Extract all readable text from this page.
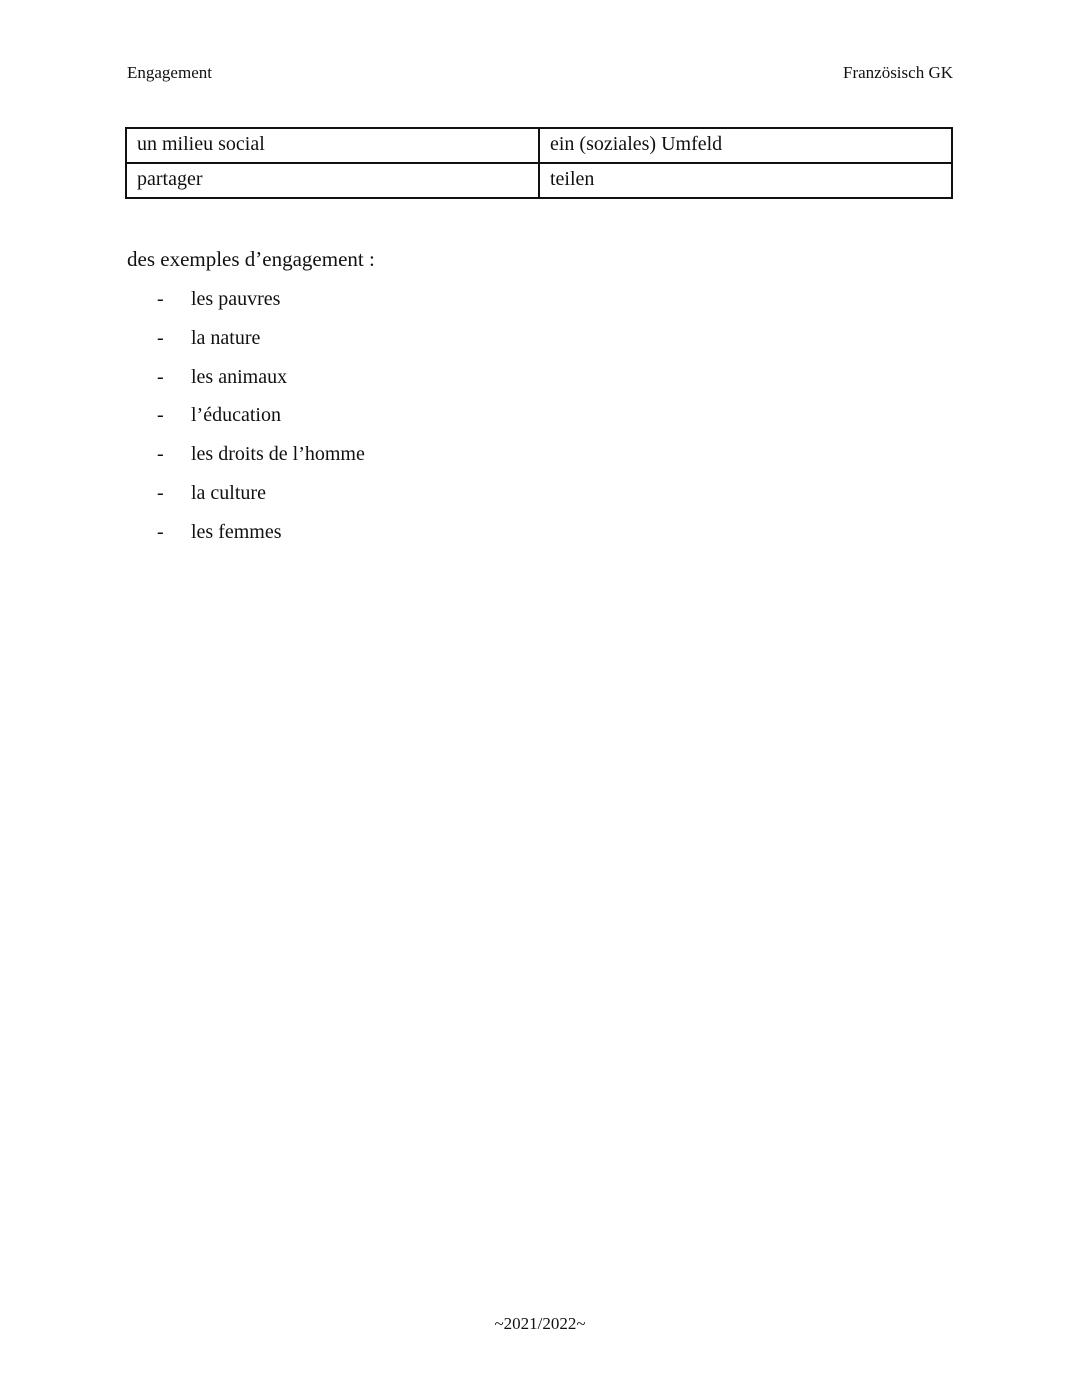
Engagement	Französisch GK
un milieu social	ein (soziales) Umfeld
partager	teilen
des exemples d’engagement :
- les pauvres
- la nature
- les animaux
- l’éducation
- les droits de l’homme
- la culture
- les femmes
~2021/2022~
